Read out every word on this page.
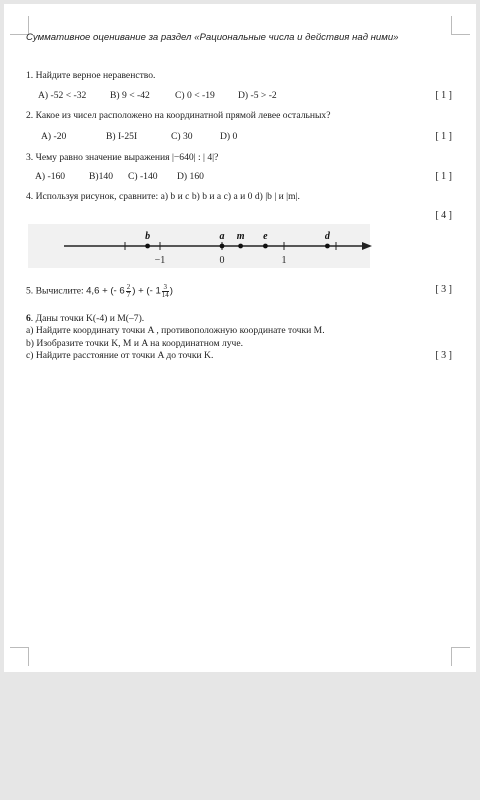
Суммативное оценивание за раздел «Рациональные числа и действия над ними»
1. Найдите верное неравенство.
A) -52 < -32 B) 9 < -42	C) 0 < -19 D) -5 > -2	[ 1 ]
2. Какое из чисел расположено на координатной прямой левее остальных?
A) -20	B) I-25I	C) 30	D) 0	[ 1 ]
3. Чему равно значение выражения |−640| : | 4|?
A) -160 B)140 C) -140 D) 160	[ 1 ]
4. Используя рисунок, сравните: a) b и c b) b и a c) a и 0 d) |b | и |m|.
[ 4 ]
−1	0	1
b	a m e	d
5. Вычислите: 4,6 + (- $6 \frac{2}{7}$ ) + (- $1 \frac{3}{14}$ )	[ 3 ]
6. Даны точки K(-4) и M(–7).
a) Найдите координату точки A , противоположную координате точки M.
b) Изобразите точки K, M и A на координатном луче.
c) Найдите расстояние от точки A до точки K.	[ 3 ]
